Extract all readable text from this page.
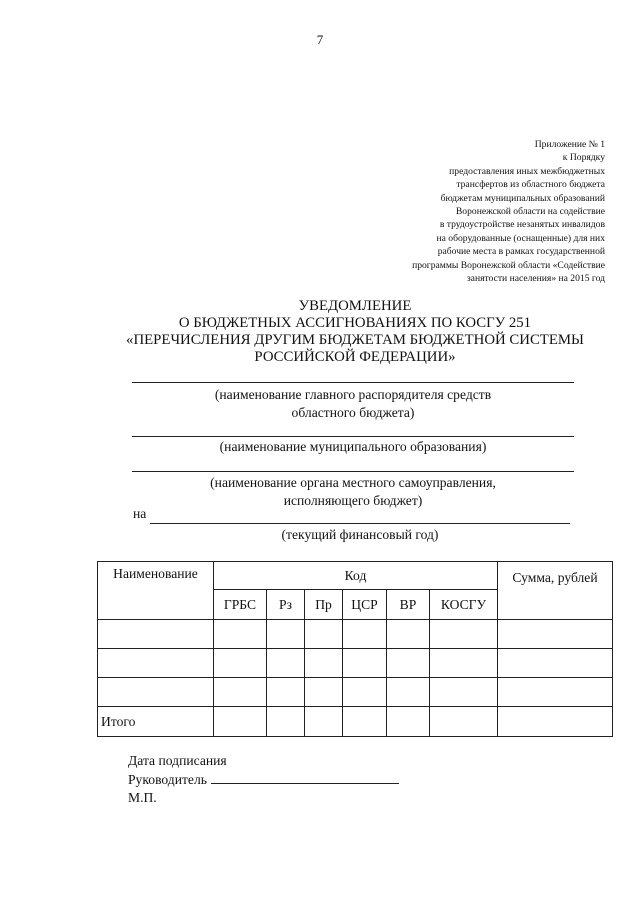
7
Приложение № 1
к Порядку
предоставления иных межбюджетных
трансфертов из областного бюджета
бюджетам муниципальных образований
Воронежской области на содействие
в трудоустройстве незанятых инвалидов
на оборудованные (оснащенные) для них
рабочие места в рамках государственной
программы Воронежской области «Содействие
занятости населения» на 2015 год
УВЕДОМЛЕНИЕ
О БЮДЖЕТНЫХ АССИГНОВАНИЯХ ПО КОСГУ 251
«ПЕРЕЧИСЛЕНИЯ ДРУГИМ БЮДЖЕТАМ БЮДЖЕТНОЙ СИСТЕМЫ
РОССИЙСКОЙ ФЕДЕРАЦИИ»
(наименование главного распорядителя средств
областного бюджета)
(наименование муниципального образования)
(наименование органа местного самоуправления,
исполняющего бюджет)
на
(текущий финансовый год)
Наименование	Код						Сумма, рублей
	ГРБС	Рз	Пр	ЦСР	ВР	КОСГУ	

Итого							
Дата подписания
Руководитель
М.П.
